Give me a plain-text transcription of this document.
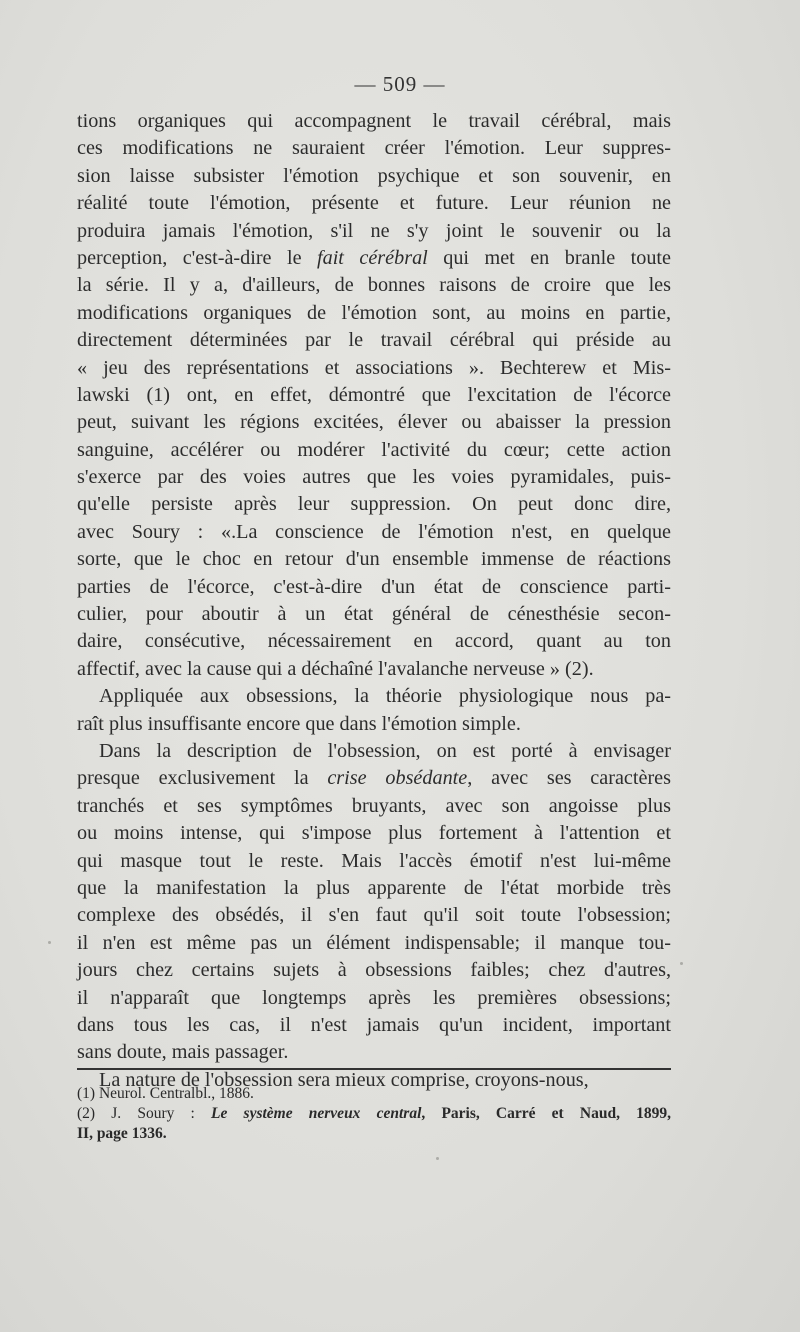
— 509 —
tions organiques qui accompagnent le travail cérébral, mais
ces modifications ne sauraient créer l'émotion. Leur suppres-
sion laisse subsister l'émotion psychique et son souvenir, en
réalité toute l'émotion, présente et future. Leur réunion ne
produira jamais l'émotion, s'il ne s'y joint le souvenir ou la
perception, c'est-à-dire le fait cérébral qui met en branle toute
la série. Il y a, d'ailleurs, de bonnes raisons de croire que les
modifications organiques de l'émotion sont, au moins en partie,
directement déterminées par le travail cérébral qui préside au
« jeu des représentations et associations ». Bechterew et Mis-
lawski (1) ont, en effet, démontré que l'excitation de l'écorce
peut, suivant les régions excitées, élever ou abaisser la pression
sanguine, accélérer ou modérer l'activité du cœur; cette action
s'exerce par des voies autres que les voies pyramidales, puis-
qu'elle persiste après leur suppression. On peut donc dire,
avec Soury : «.La conscience de l'émotion n'est, en quelque
sorte, que le choc en retour d'un ensemble immense de réactions
parties de l'écorce, c'est-à-dire d'un état de conscience parti-
culier, pour aboutir à un état général de cénesthésie secon-
daire, consécutive, nécessairement en accord, quant au ton
affectif, avec la cause qui a déchaîné l'avalanche nerveuse » (2).
Appliquée aux obsessions, la théorie physiologique nous pa-
raît plus insuffisante encore que dans l'émotion simple.
Dans la description de l'obsession, on est porté à envisager
presque exclusivement la crise obsédante, avec ses caractères
tranchés et ses symptômes bruyants, avec son angoisse plus
ou moins intense, qui s'impose plus fortement à l'attention et
qui masque tout le reste. Mais l'accès émotif n'est lui-même
que la manifestation la plus apparente de l'état morbide très
complexe des obsédés, il s'en faut qu'il soit toute l'obsession;
il n'en est même pas un élément indispensable; il manque tou-
jours chez certains sujets à obsessions faibles; chez d'autres,
il n'apparaît que longtemps après les premières obsessions;
dans tous les cas, il n'est jamais qu'un incident, important
sans doute, mais passager.
La nature de l'obsession sera mieux comprise, croyons-nous,
(1) Neurol. Centralbl., 1886.
(2) J. Soury : Le système nerveux central, Paris, Carré et Naud, 1899,
II, page 1336.
